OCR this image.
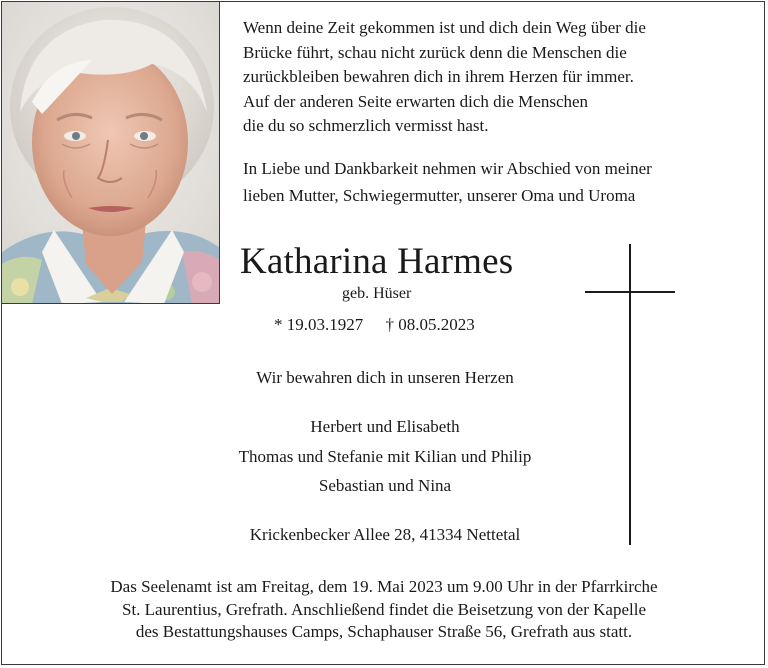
Wenn deine Zeit gekommen ist und dich dein Weg über die
Brücke führt, schau nicht zurück denn die Menschen die
zurückbleiben bewahren dich in ihrem Herzen für immer.
Auf der anderen Seite erwarten dich die Menschen
die du so schmerzlich vermisst hast.
In Liebe und Dankbarkeit nehmen wir Abschied von meiner
lieben Mutter, Schwiegermutter, unserer Oma und Uroma
Katharina Harmes
geb. Hüser
* 19.03.1927 † 08.05.2023
Wir bewahren dich in unseren Herzen
Herbert und Elisabeth
Thomas und Stefanie mit Kilian und Philip
Sebastian und Nina
Krickenbecker Allee 28, 41334 Nettetal
Das Seelenamt ist am Freitag, dem 19. Mai 2023 um 9.00 Uhr in der Pfarrkirche
St. Laurentius, Grefrath. Anschließend findet die Beisetzung von der Kapelle
des Bestattungshauses Camps, Schaphauser Straße 56, Grefrath aus statt.
